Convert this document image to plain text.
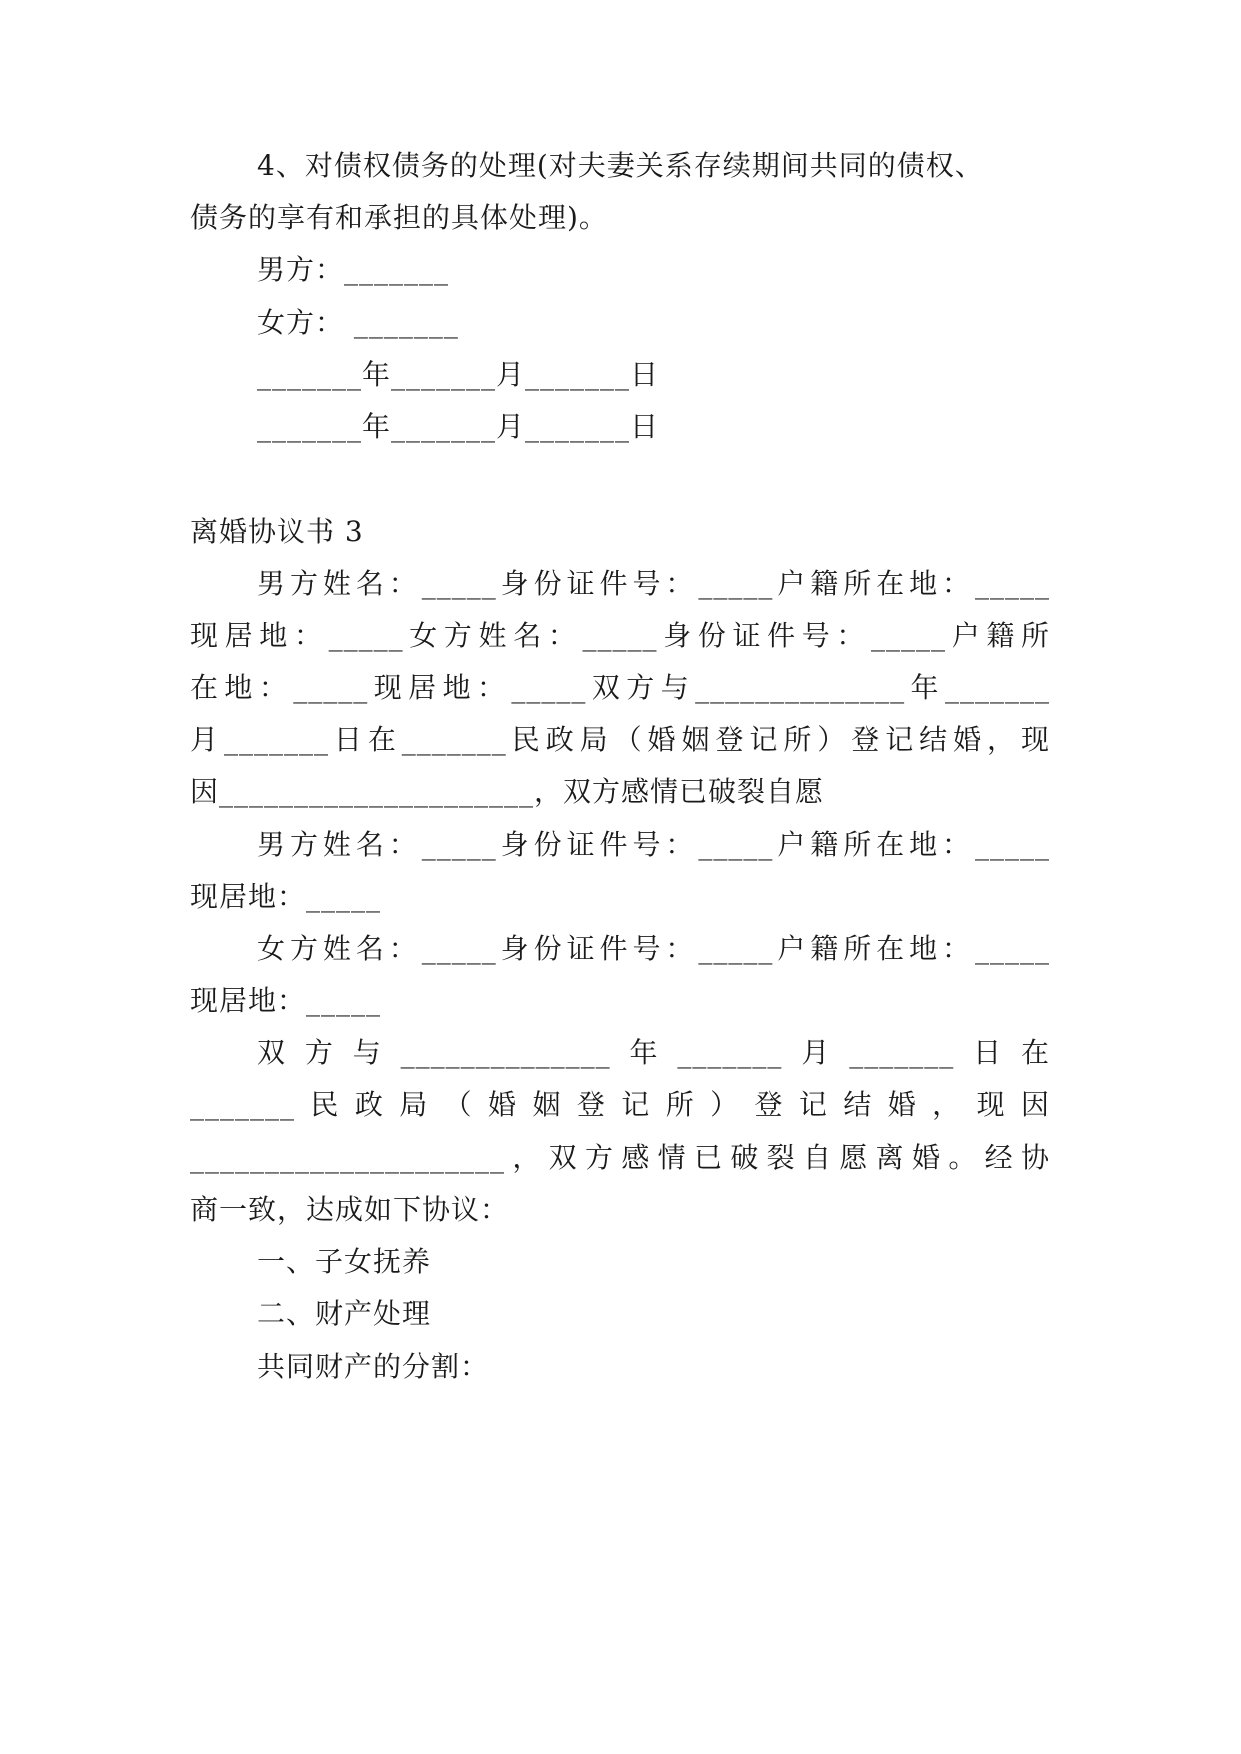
4、对债权债务的处理(对夫妻关系存续期间共同的债权、
债务的享有和承担的具体处理)。
男方：_______
女方： _______
_______年_______月_______日
_______年_______月_______日
离婚协议书 3
男方姓名：_____身份证件号：_____户籍所在地：_____
现居地：_____女方姓名：_____身份证件号：_____户籍所
在地：_____现居地：_____双方与______________年_______
月_______日在_______民政局（婚姻登记所）登记结婚，现
因_____________________，双方感情已破裂自愿
男方姓名：_____身份证件号：_____户籍所在地：_____
现居地：_____
女方姓名：_____身份证件号：_____户籍所在地：_____
现居地：_____
双方与______________年_______月_______日在
_______民政局（婚姻登记所）登记结婚，现因
_____________________，双方感情已破裂自愿离婚。经协
商一致，达成如下协议：
一、子女抚养
二、财产处理
共同财产的分割：
